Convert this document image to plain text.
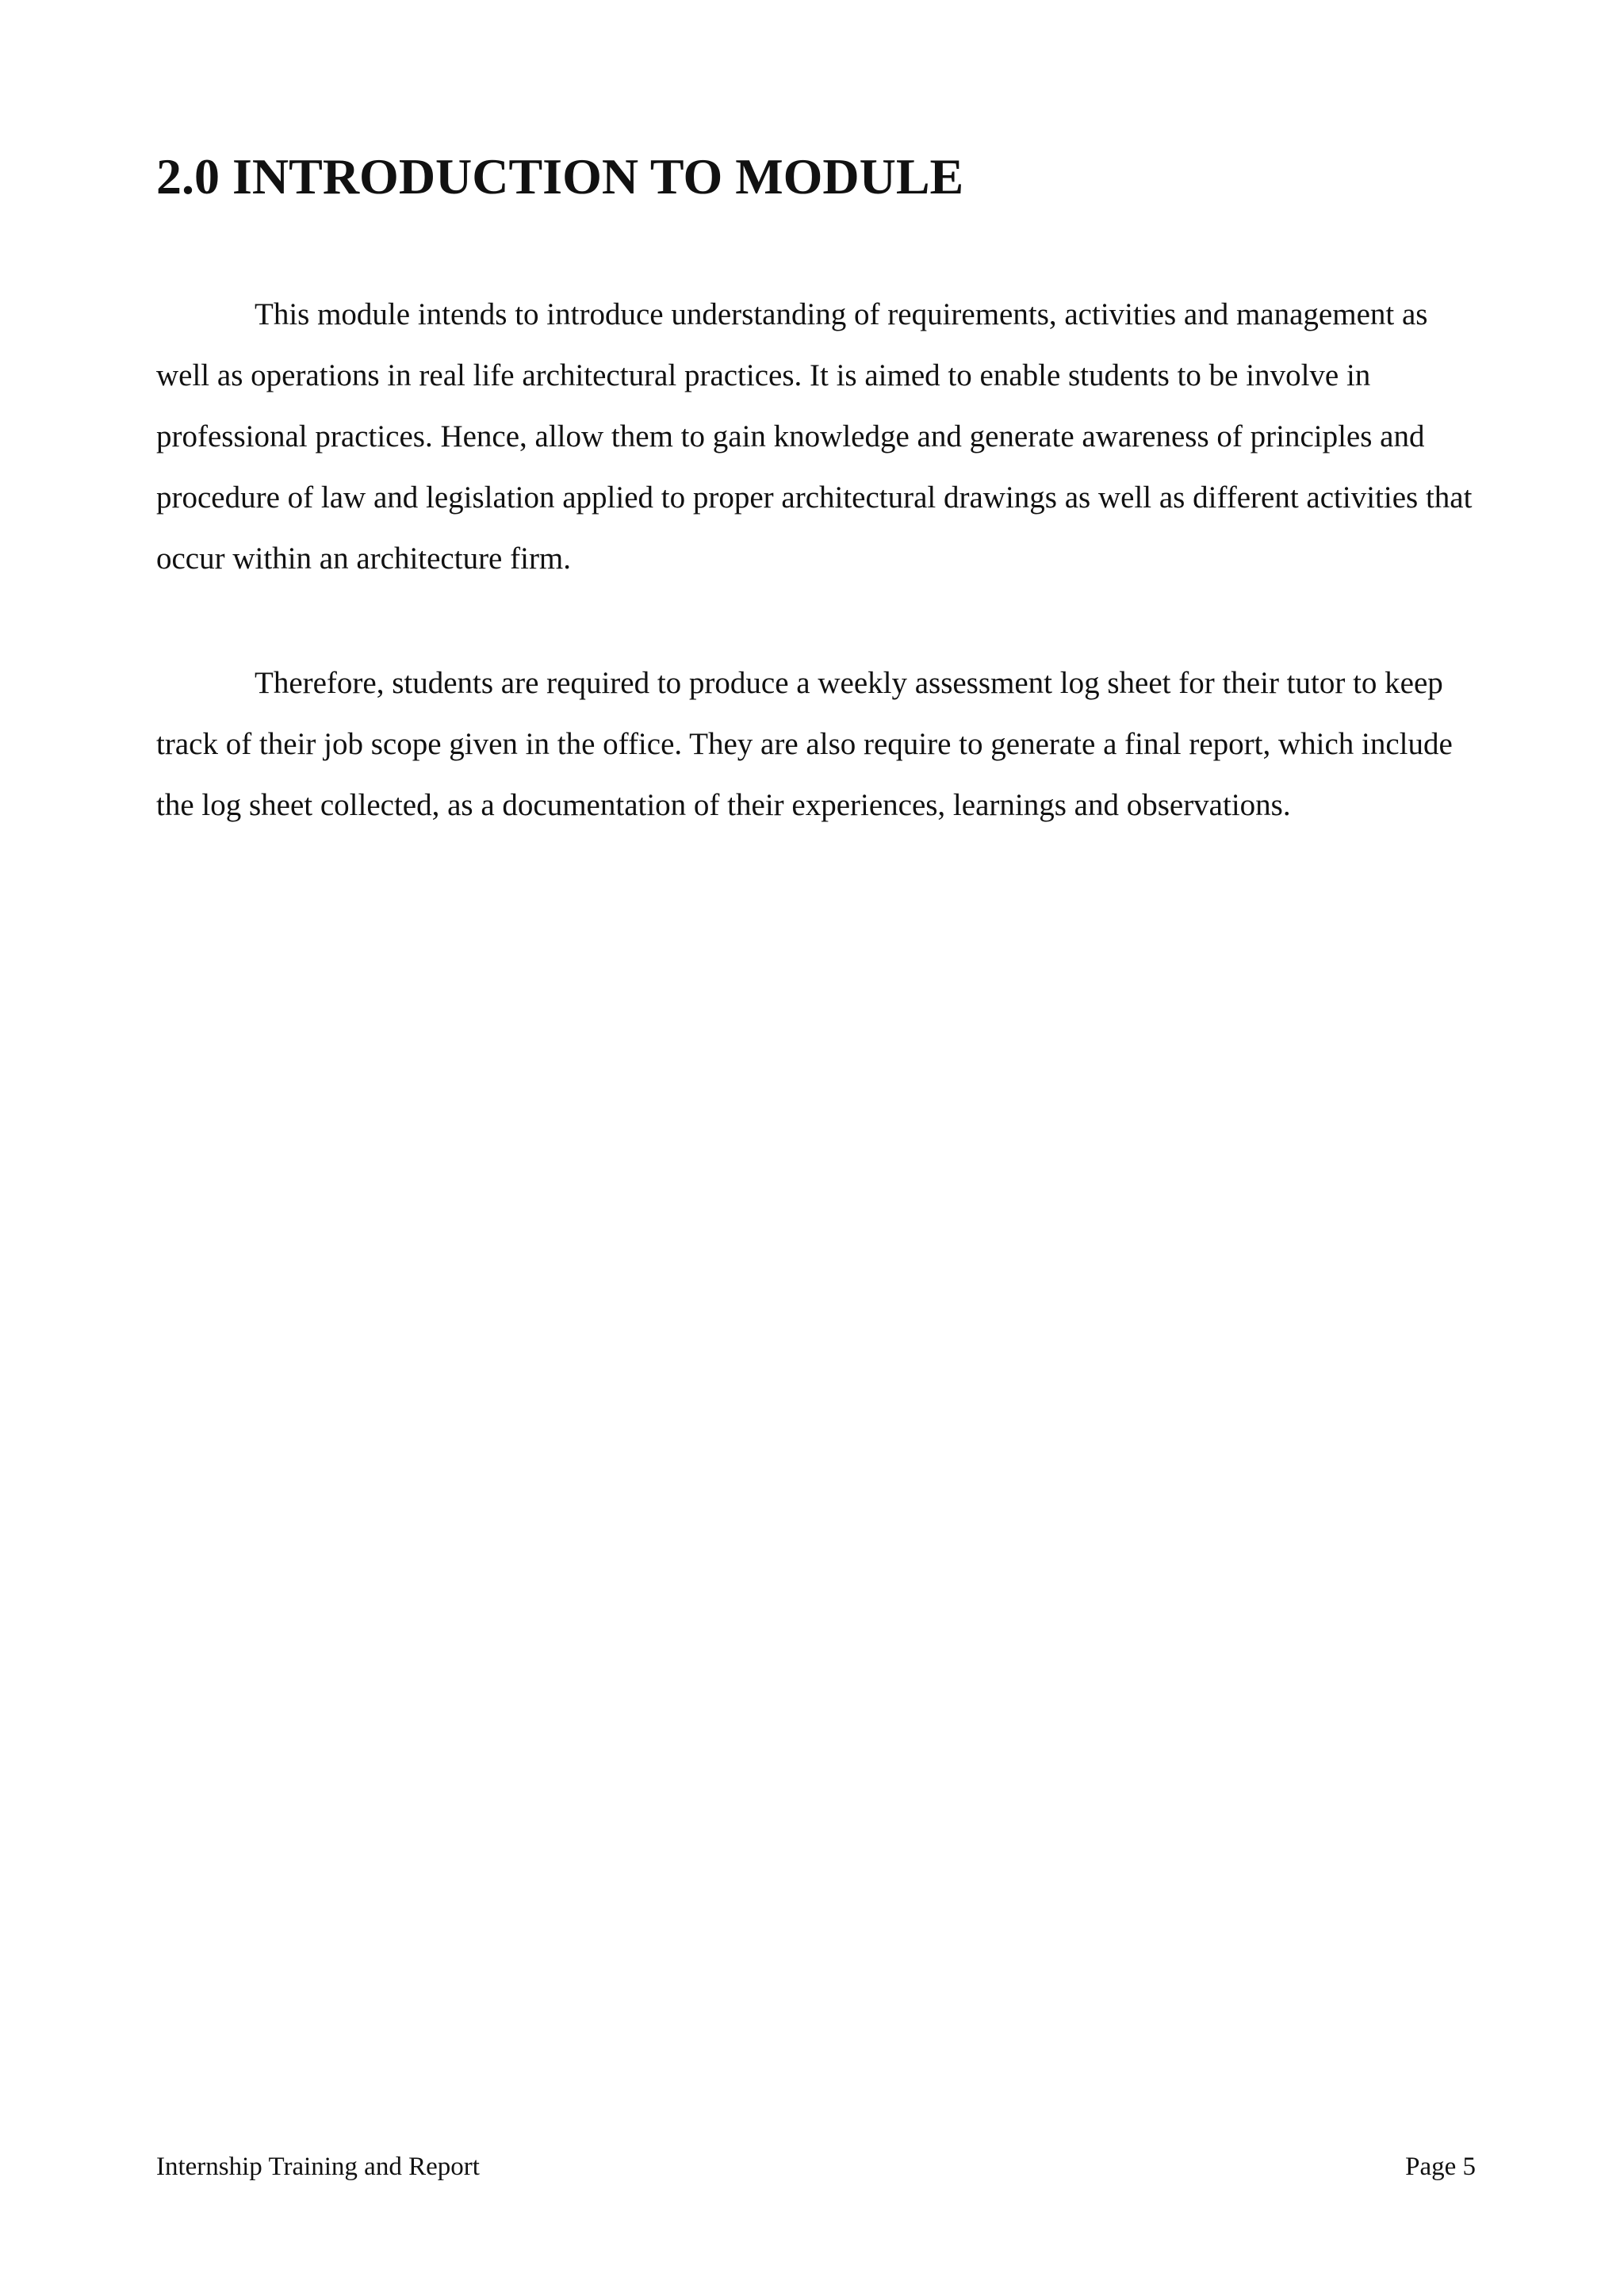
2.0 INTRODUCTION TO MODULE

This module intends to introduce understanding of requirements, activities and management as well as operations in real life architectural practices. It is aimed to enable students to be involve in professional practices. Hence, allow them to gain knowledge and generate awareness of principles and procedure of law and legislation applied to proper architectural drawings as well as different activities that occur within an architecture firm.

Therefore, students are required to produce a weekly assessment log sheet for their tutor to keep track of their job scope given in the office. They are also require to generate a final report, which include the log sheet collected, as a documentation of their experiences, learnings and observations.

Internship Training and Report	Page 5
